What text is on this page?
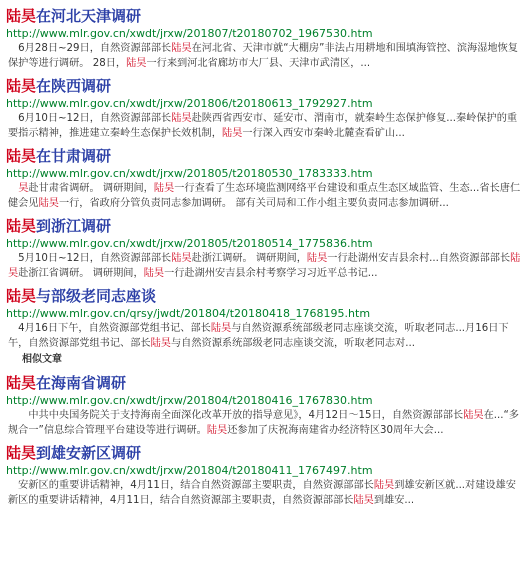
陆昊在河北天津调研
http://www.mlr.gov.cn/xwdt/jrxw/201807/t20180702_1967530.htm
　6月28日~29日，自然资源部部长陆昊在河北省、天津市就“大棚房”非法占用耕地和围填海管控、滨海湿地恢复保护等进行调研。 28日，陆昊一行来到河北省廊坊市大厂县、天津市武清区，...
陆昊在陕西调研
http://www.mlr.gov.cn/xwdt/jrxw/201806/t20180613_1792927.htm
　6月10日~12日，自然资源部部长陆昊赴陕西省西安市、延安市、渭南市，就秦岭生态保护修复...秦岭保护的重要指示精神，推进建立秦岭生态保护长效机制，陆昊一行深入西安市秦岭北麓查看矿山...
陆昊在甘肃调研
http://www.mlr.gov.cn/xwdt/jrxw/201805/t20180530_1783333.htm
　昊赴甘肃省调研。 调研期间，陆昊一行查看了生态环境监测网络平台建设和重点生态区域监管、生态...省长唐仁健会见陆昊一行，省政府分管负责同志参加调研。 部有关司局和工作小组主要负责同志参加调研...
陆昊到浙江调研
http://www.mlr.gov.cn/xwdt/jrxw/201805/t20180514_1775836.htm
　5月10日~12日，自然资源部部长陆昊赴浙江调研。 调研期间，陆昊一行赴湖州安吉县余村...自然资源部部长陆昊赴浙江省调研。 调研期间，陆昊一行赴湖州安吉县余村考察学习习近平总书记...
陆昊与部级老同志座谈
http://www.mlr.gov.cn/qrsy/jwdt/201804/t20180418_1768195.htm
　4月16日下午，自然资源部党组书记、部长陆昊与自然资源系统部级老同志座谈交流，听取老同志...月16日下午，自然资源部党组书记、部长陆昊与自然资源系统部级老同志座谈交流，听取老同志对...
相似文章
陆昊在海南省调研
http://www.mlr.gov.cn/xwdt/jrxw/201804/t20180416_1767830.htm
　　中共中央国务院关于支持海南全面深化改革开放的指导意见》，4月12日～15日，自然资源部部长陆昊在...“多规合一”信息综合管理平台建设等进行调研。陆昊还参加了庆祝海南建省办经济特区30周年大会...
陆昊到雄安新区调研
http://www.mlr.gov.cn/xwdt/jrxw/201804/t20180411_1767497.htm
　安新区的重要讲话精神，4月11日，结合自然资源部主要职责，自然资源部部长陆昊到雄安新区就...对建设雄安新区的重要讲话精神，4月11日，结合自然资源部主要职责，自然资源部部长陆昊到雄安...
